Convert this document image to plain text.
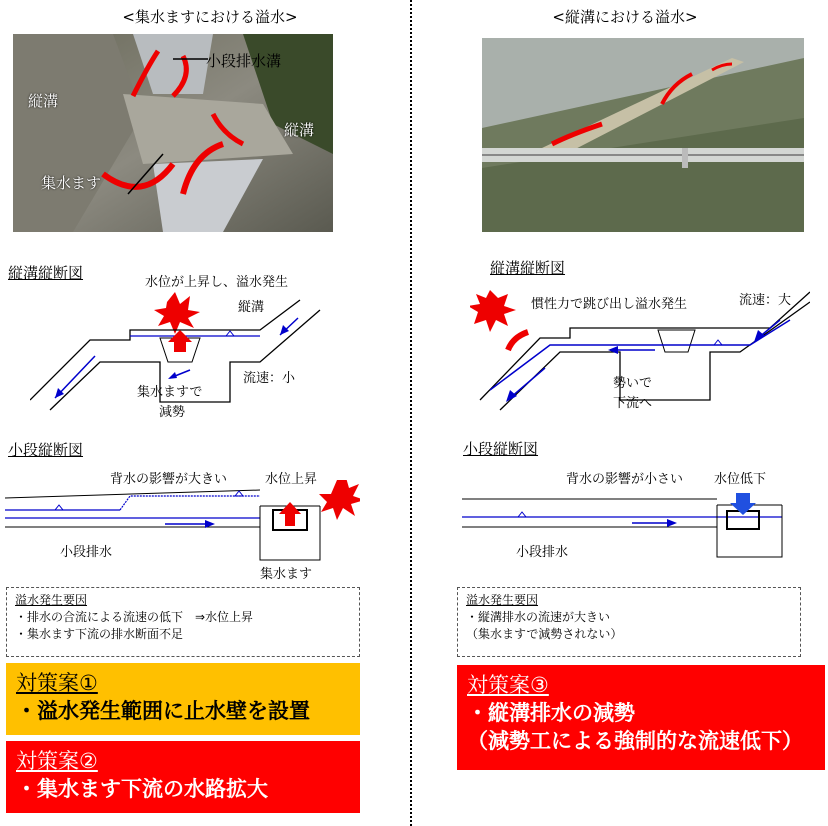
<集水ますにおける溢水>
小段排水溝
縦溝
縦溝
集水ます
縦溝縦断図
水位が上昇し、溢水発生
縦溝
集水ますで
減勢
流速：小
小段縦断図
背水の影響が大きい	水位上昇
小段排水
集水ます
溢水発生要因
・排水の合流による流速の低下　⇒水位上昇
・集水ます下流の排水断面不足
対策案①
・溢水発生範囲に止水壁を設置
対策案②
・集水ます下流の水路拡大
<縦溝における溢水>
縦溝縦断図
慣性力で跳び出し溢水発生	流速：大
勢いで
下流へ
小段縦断図
背水の影響が小さい 水位低下
小段排水
溢水発生要因
・縦溝排水の流速が大きい
（集水ますで減勢されない）
対策案③
・縦溝排水の減勢
（減勢工による強制的な流速低下）
